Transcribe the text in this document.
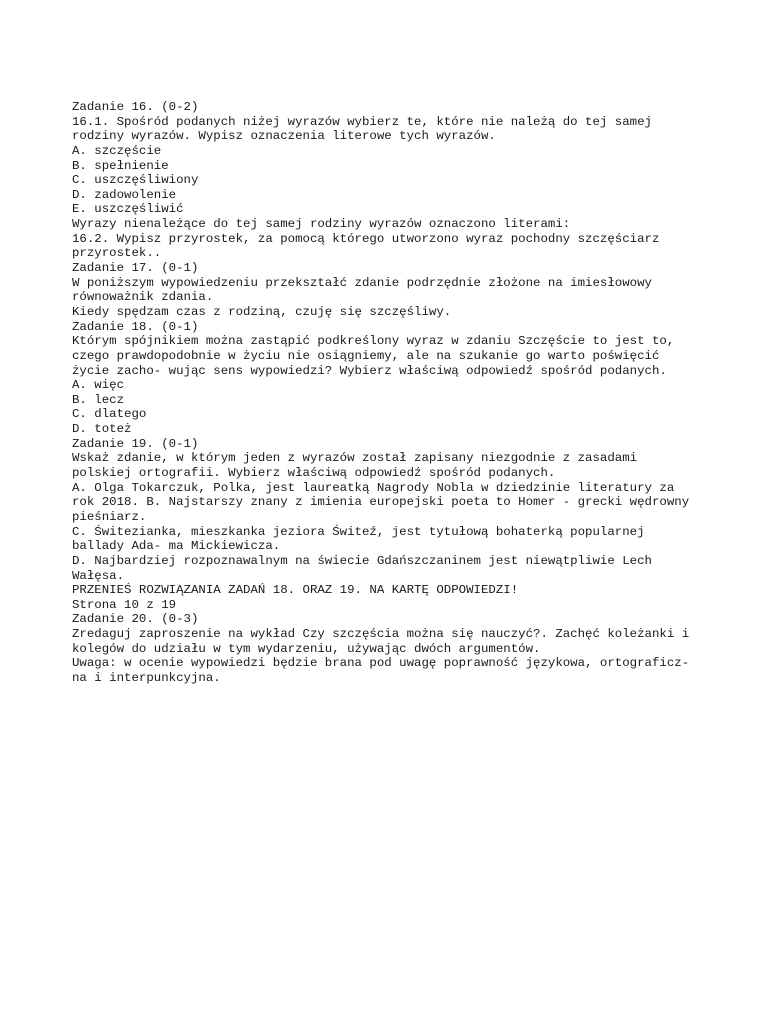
Zadanie 16. (0-2)
16.1. Spośród podanych niżej wyrazów wybierz te, które nie należą do tej samej
rodziny wyrazów. Wypisz oznaczenia literowe tych wyrazów.
A. szczęście
B. spełnienie
C. uszczęśliwiony
D. zadowolenie
E. uszczęśliwić
Wyrazy nienależące do tej samej rodziny wyrazów oznaczono literami:
16.2. Wypisz przyrostek, za pomocą którego utworzono wyraz pochodny szczęściarz
przyrostek..
Zadanie 17. (0-1)
W poniższym wypowiedzeniu przekształć zdanie podrzędnie złożone na imiesłowowy
równoważnik zdania.
Kiedy spędzam czas z rodziną, czuję się szczęśliwy.
Zadanie 18. (0-1)
Którym spójnikiem można zastąpić podkreślony wyraz w zdaniu Szczęście to jest to,
czego prawdopodobnie w życiu nie osiągniemy, ale na szukanie go warto poświęcić
życie zacho- wując sens wypowiedzi? Wybierz właściwą odpowiedź spośród podanych.
A. więc
B. lecz
C. dlatego
D. toteż
Zadanie 19. (0-1)
Wskaż zdanie, w którym jeden z wyrazów został zapisany niezgodnie z zasadami
polskiej ortografii. Wybierz właściwą odpowiedź spośród podanych.
A. Olga Tokarczuk, Polka, jest laureatką Nagrody Nobla w dziedzinie literatury za
rok 2018. B. Najstarszy znany z imienia europejski poeta to Homer - grecki wędrowny
pieśniarz.
C. Świtezianka, mieszkanka jeziora Świteź, jest tytułową bohaterką popularnej
ballady Ada- ma Mickiewicza.
D. Najbardziej rozpoznawalnym na świecie Gdańszczaninem jest niewątpliwie Lech
Wałęsa.
PRZENIEŚ ROZWIĄZANIA ZADAŃ 18. ORAZ 19. NA KARTĘ ODPOWIEDZI!
Strona 10 z 19
Zadanie 20. (0-3)
Zredaguj zaproszenie na wykład Czy szczęścia można się nauczyć?. Zachęć koleżanki i
kolegów do udziału w tym wydarzeniu, używając dwóch argumentów.
Uwaga: w ocenie wypowiedzi będzie brana pod uwagę poprawność językowa, ortograficz-
na i interpunkcyjna.
